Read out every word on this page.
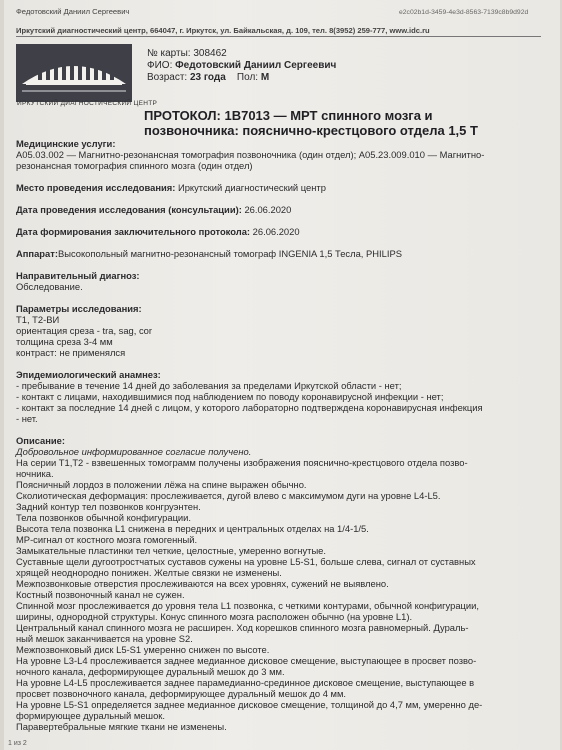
Федотовский Даниил Сергеевич	e2c02b1d-3459-4e3d-8563-7139c8b9d92d
Иркутский диагностический центр, 664047, г. Иркутск, ул. Байкальская, д. 109, тел. 8(3952) 259-777, www.idc.ru
ИРКУТСКИЙ ДИАГНОСТИЧЕСКИЙ ЦЕНТР
№ карты: 308462
ФИО: Федотовский Даниил Сергеевич
Возраст: 23 года Пол: М
ПРОТОКОЛ: 1В7013 — МРТ спинного мозга и
позвоночника: пояснично-крестцового отдела 1,5 Т
Медицинские услуги:
А05.03.002 — Магнитно-резонансная томография позвоночника (один отдел); А05.23.009.010 — Магнитно-
резонансная томография спинного мозга (один отдел)
Место проведения исследования: Иркутский диагностический центр
Дата проведения исследования (консультации): 26.06.2020
Дата формирования заключительного протокола: 26.06.2020
Аппарат:Высокопольный магнитно-резонансный томограф INGENIA 1,5 Тесла, PHILIPS
Направительный диагноз:
Обследование.
Параметры исследования:
Т1, Т2-ВИ
ориентация среза - tra, sag, cor
толщина среза 3-4 мм
контраст: не применялся
Эпидемиологический анамнез:
- пребывание в течение 14 дней до заболевания за пределами Иркутской области - нет;
- контакт с лицами, находившимися под наблюдением по поводу коронавирусной инфекции - нет;
- контакт за последние 14 дней с лицом, у которого лабораторно подтверждена коронавирусная инфекция
- нет.
Описание:
Добровольное информированное согласие получено.
На серии Т1,Т2 - взвешенных томограмм получены изображения пояснично-крестцового отдела позво-
ночника.
Поясничный лордоз в положении лёжа на спине выражен обычно.
Сколиотическая деформация: прослеживается, дугой влево с максимумом дуги на уровне L4-L5.
Задний контур тел позвонков конгруэнтен.
Тела позвонков обычной конфигурации.
Высота тела позвонка L1 снижена в передних и центральных отделах на 1/4-1/5.
МР-сигнал от костного мозга гомогенный.
Замыкательные пластинки тел четкие, целостные, умеренно вогнутые.
Суставные щели дугоотростчатых суставов сужены на уровне L5-S1, больше слева, сигнал от суставных
хрящей неоднородно понижен. Желтые связки не изменены.
Межпозвонковые отверстия прослеживаются на всех уровнях, сужений не выявлено.
Костный позвоночный канал не сужен.
Спинной мозг прослеживается до уровня тела L1 позвонка, с четкими контурами, обычной конфигурации,
ширины, однородной структуры. Конус спинного мозга расположен обычно (на уровне L1).
Центральный канал спинного мозга не расширен. Ход корешков спинного мозга равномерный. Дураль-
ный мешок заканчивается на уровне S2.
Межпозвонковый диск L5-S1 умеренно снижен по высоте.
На уровне L3-L4 прослеживается заднее медианное дисковое смещение, выступающее в просвет позво-
ночного канала, деформирующее дуральный мешок до 3 мм.
На уровне L4-L5 прослеживается заднее парамедианно-срединное дисковое смещение, выступающее в
просвет позвоночного канала, деформирующее дуральный мешок до 4 мм.
На уровне L5-S1 определяется заднее медианное дисковое смещение, толщиной до 4,7 мм, умеренно де-
формирующее дуральный мешок.
Паравертебральные мягкие ткани не изменены.
1 из 2
